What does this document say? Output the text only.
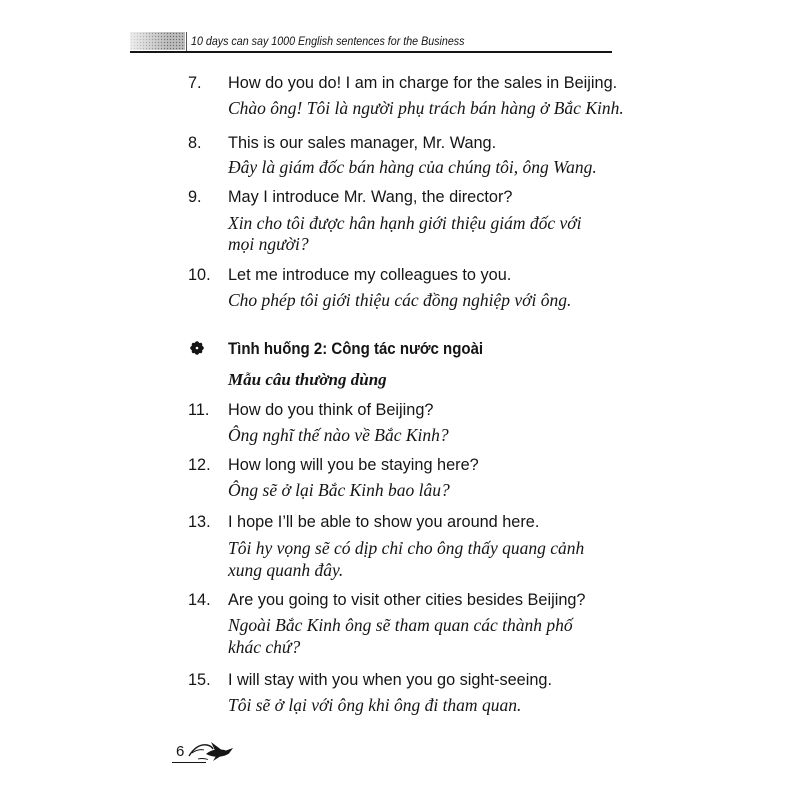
10 days can say 1000 English sentences for the Business
7. How do you do! I am in charge for the sales in Beijing.
Chào ông! Tôi là người phụ trách bán hàng ở Bắc Kinh.
8. This is our sales manager, Mr. Wang.
Đây là giám đốc bán hàng của chúng tôi, ông Wang.
9. May I introduce Mr. Wang, the director?
Xin cho tôi được hân hạnh giới thiệu giám đốc với
mọi người?
10. Let me introduce my colleagues to you.
Cho phép tôi giới thiệu các đồng nghiệp với ông.
Tình huống 2: Công tác nước ngoài
Mẫu câu thường dùng
11. How do you think of Beijing?
Ông nghĩ thế nào về Bắc Kinh?
12. How long will you be staying here?
Ông sẽ ở lại Bắc Kinh bao lâu?
13. I hope I’ll be able to show you around here.
Tôi hy vọng sẽ có dịp chỉ cho ông thấy quang cảnh
xung quanh đây.
14. Are you going to visit other cities besides Beijing?
Ngoài Bắc Kinh ông sẽ tham quan các thành phố
khác chứ?
15. I will stay with you when you go sight-seeing.
Tôi sẽ ở lại với ông khi ông đi tham quan.
6
